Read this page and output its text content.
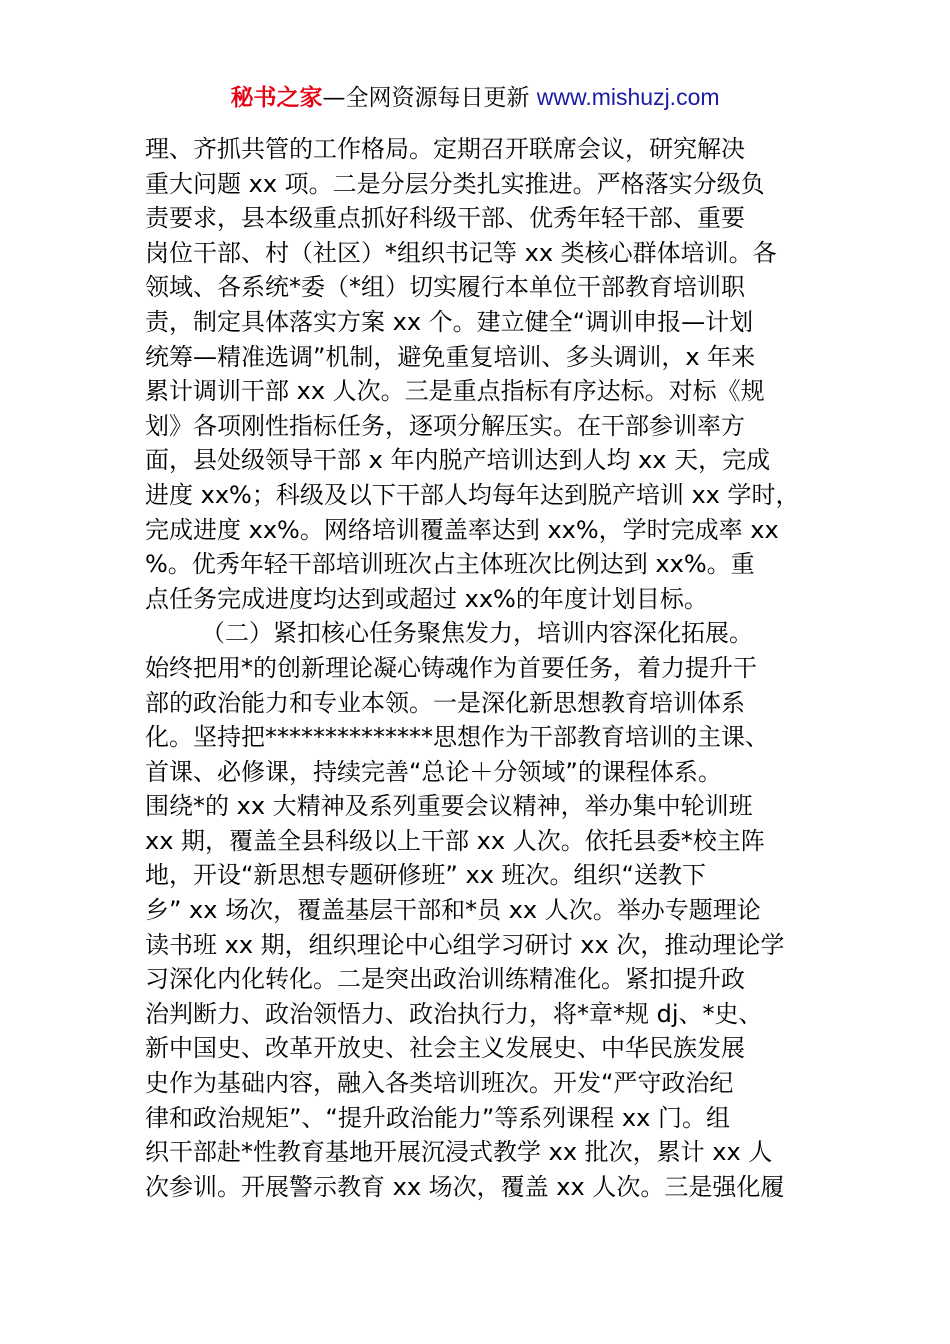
秘书之家—全网资源每日更新 www.mishuzj.com
理、齐抓共管的工作格局。定期召开联席会议，研究解决
重大问题 xx 项。二是分层分类扎实推进。严格落实分级负
责要求，县本级重点抓好科级干部、优秀年轻干部、重要
岗位干部、村（社区）*组织书记等 xx 类核心群体培训。各
领域、各系统*委（*组）切实履行本单位干部教育培训职
责，制定具体落实方案 xx 个。建立健全“调训申报—计划
统筹—精准选调”机制，避免重复培训、多头调训，x 年来
累计调训干部 xx 人次。三是重点指标有序达标。对标《规
划》各项刚性指标任务，逐项分解压实。在干部参训率方
面，县处级领导干部 x 年内脱产培训达到人均 xx 天，完成
进度 xx%；科级及以下干部人均每年达到脱产培训 xx 学时，
完成进度 xx%。网络培训覆盖率达到 xx%，学时完成率 xx
%。优秀年轻干部培训班次占主体班次比例达到 xx%。重
点任务完成进度均达到或超过 xx%的年度计划目标。
（二）紧扣核心任务聚焦发力，培训内容深化拓展。
始终把用*的创新理论凝心铸魂作为首要任务，着力提升干
部的政治能力和专业本领。一是深化新思想教育培训体系
化。坚持把**************思想作为干部教育培训的主课、
首课、必修课，持续完善“总论＋分领域”的课程体系。
围绕*的 xx 大精神及系列重要会议精神，举办集中轮训班
xx 期，覆盖全县科级以上干部 xx 人次。依托县委*校主阵
地，开设“新思想专题研修班” xx 班次。组织“送教下
乡” xx 场次，覆盖基层干部和*员 xx 人次。举办专题理论
读书班 xx 期，组织理论中心组学习研讨 xx 次，推动理论学
习深化内化转化。二是突出政治训练精准化。紧扣提升政
治判断力、政治领悟力、政治执行力，将*章*规 dj、*史、
新中国史、改革开放史、社会主义发展史、中华民族发展
史作为基础内容，融入各类培训班次。开发“严守政治纪
律和政治规矩”、“提升政治能力”等系列课程 xx 门。组
织干部赴*性教育基地开展沉浸式教学 xx 批次，累计 xx 人
次参训。开展警示教育 xx 场次，覆盖 xx 人次。三是强化履
